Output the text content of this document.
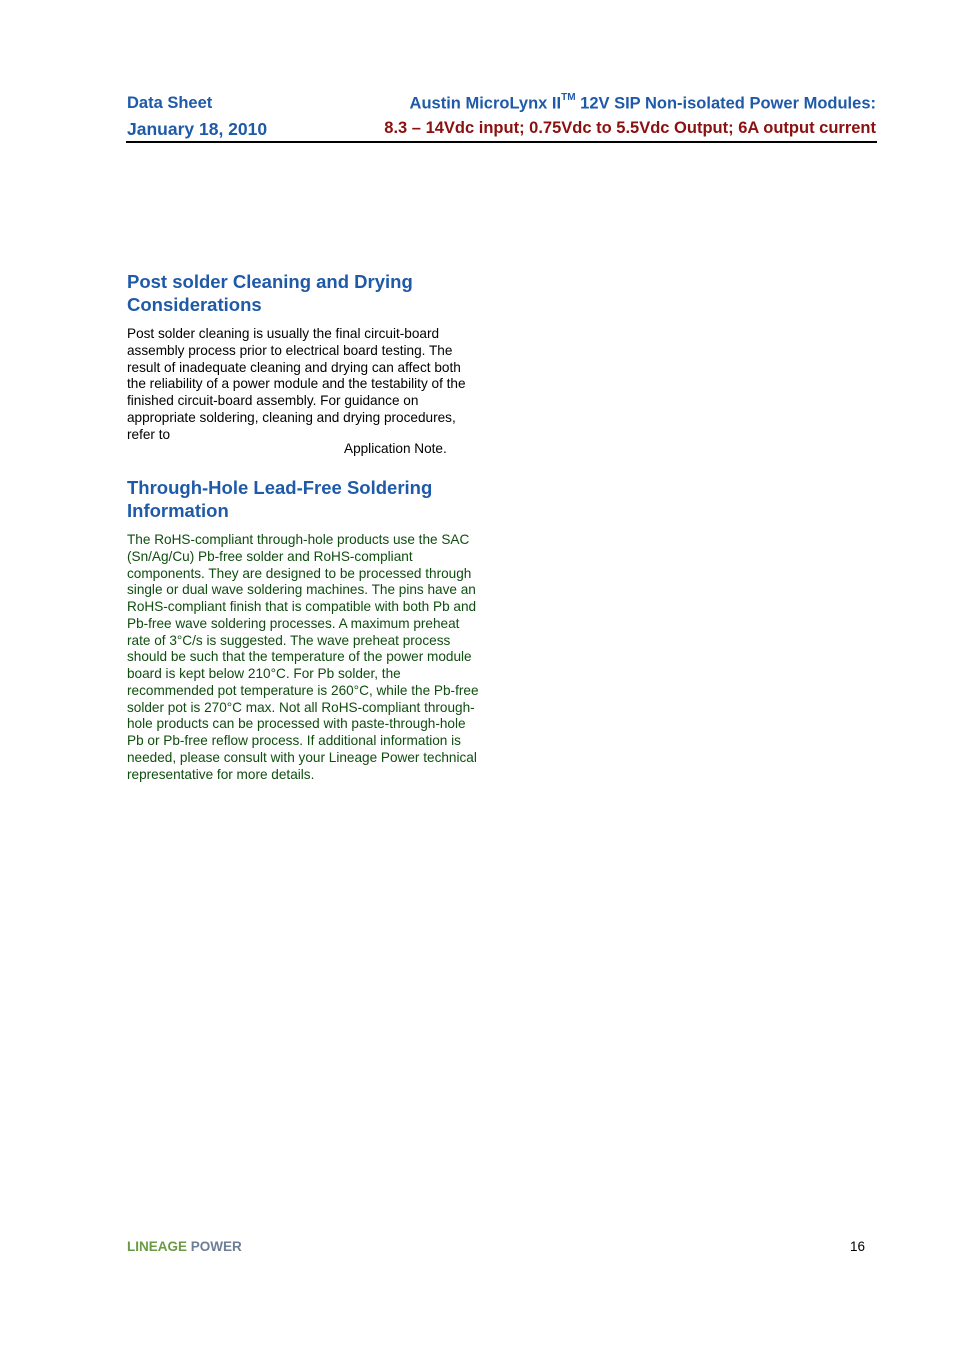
Data Sheet
January 18, 2010
Austin MicroLynx II™ 12V SIP Non-isolated Power Modules:
8.3 – 14Vdc input; 0.75Vdc to 5.5Vdc Output; 6A output current
Post solder Cleaning and Drying Considerations
Post solder cleaning is usually the final circuit-board assembly process prior to electrical board testing. The result of inadequate cleaning and drying can affect both the reliability of a power module and the testability of the finished circuit-board assembly. For guidance on appropriate soldering, cleaning and drying procedures, refer to
Application Note.
Through-Hole Lead-Free Soldering Information
The RoHS-compliant through-hole products use the SAC (Sn/Ag/Cu) Pb-free solder and RoHS-compliant components. They are designed to be processed through single or dual wave soldering machines. The pins have an RoHS-compliant finish that is compatible with both Pb and Pb-free wave soldering processes. A maximum preheat rate of 3°C/s is suggested. The wave preheat process should be such that the temperature of the power module board is kept below 210°C. For Pb solder, the recommended pot temperature is 260°C, while the Pb-free solder pot is 270°C max. Not all RoHS-compliant through-hole products can be processed with paste-through-hole Pb or Pb-free reflow process. If additional information is needed, please consult with your Lineage Power technical representative for more details.
LINEAGE POWER	16
